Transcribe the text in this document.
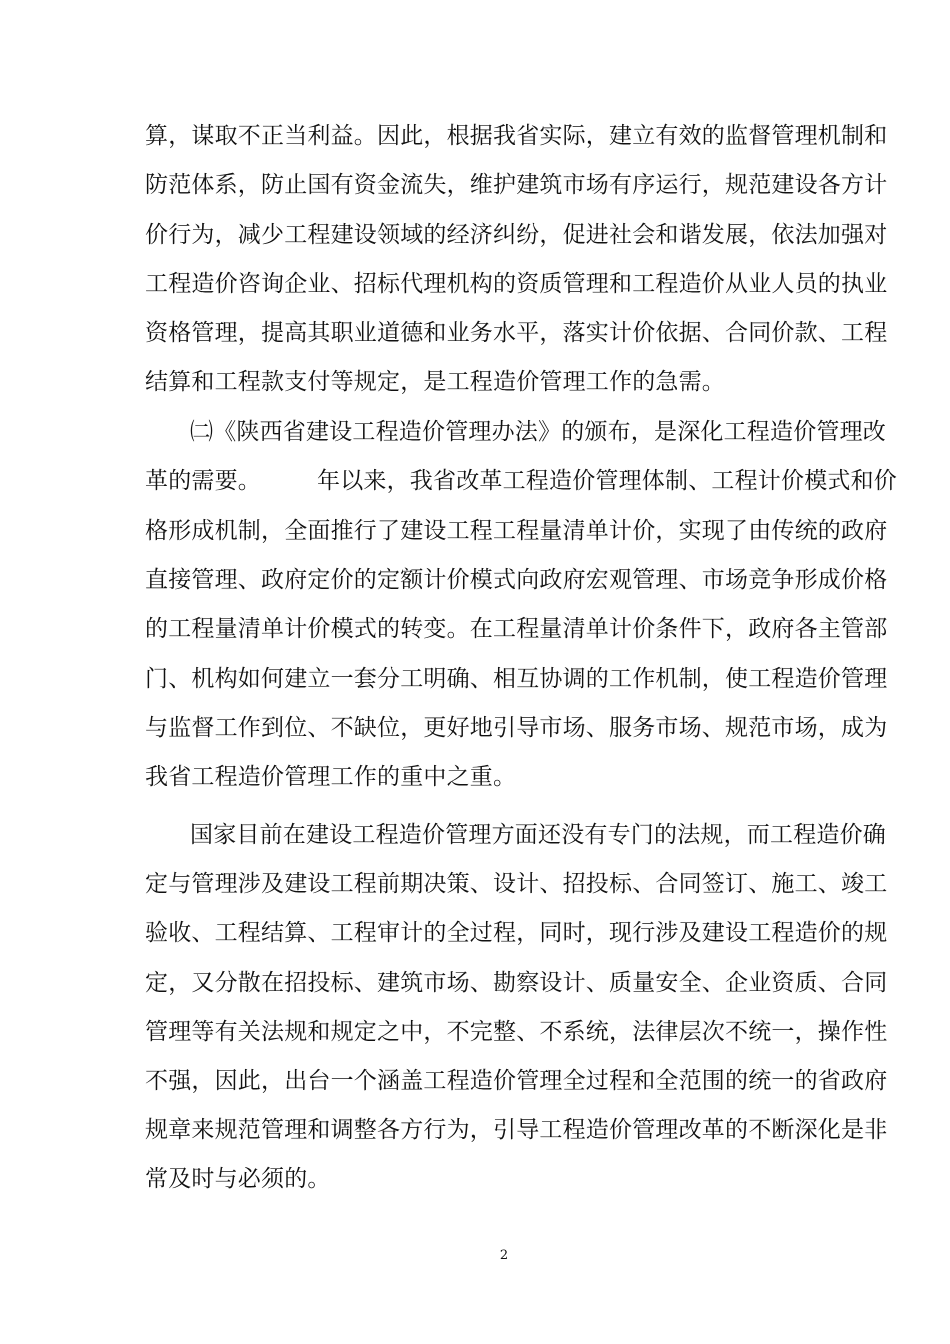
算，谋取不正当利益。因此，根据我省实际，建立有效的监督管理机制和
防范体系，防止国有资金流失，维护建筑市场有序运行，规范建设各方计
价行为，减少工程建设领域的经济纠纷，促进社会和谐发展，依法加强对
工程造价咨询企业、招标代理机构的资质管理和工程造价从业人员的执业
资格管理，提高其职业道德和业务水平，落实计价依据、合同价款、工程
结算和工程款支付等规定，是工程造价管理工作的急需。
㈡《陕西省建设工程造价管理办法》的颁布，是深化工程造价管理改
革的需要。 年以来，我省改革工程造价管理体制、工程计价模式和价
格形成机制，全面推行了建设工程工程量清单计价，实现了由传统的政府
直接管理、政府定价的定额计价模式向政府宏观管理、市场竞争形成价格
的工程量清单计价模式的转变。在工程量清单计价条件下，政府各主管部
门、机构如何建立一套分工明确、相互协调的工作机制，使工程造价管理
与监督工作到位、不缺位，更好地引导市场、服务市场、规范市场，成为
我省工程造价管理工作的重中之重。
国家目前在建设工程造价管理方面还没有专门的法规，而工程造价确
定与管理涉及建设工程前期决策、设计、招投标、合同签订、施工、竣工
验收、工程结算、工程审计的全过程，同时，现行涉及建设工程造价的规
定，又分散在招投标、建筑市场、勘察设计、质量安全、企业资质、合同
管理等有关法规和规定之中，不完整、不系统，法律层次不统一，操作性
不强，因此，出台一个涵盖工程造价管理全过程和全范围的统一的省政府
规章来规范管理和调整各方行为，引导工程造价管理改革的不断深化是非
常及时与必须的。
2
